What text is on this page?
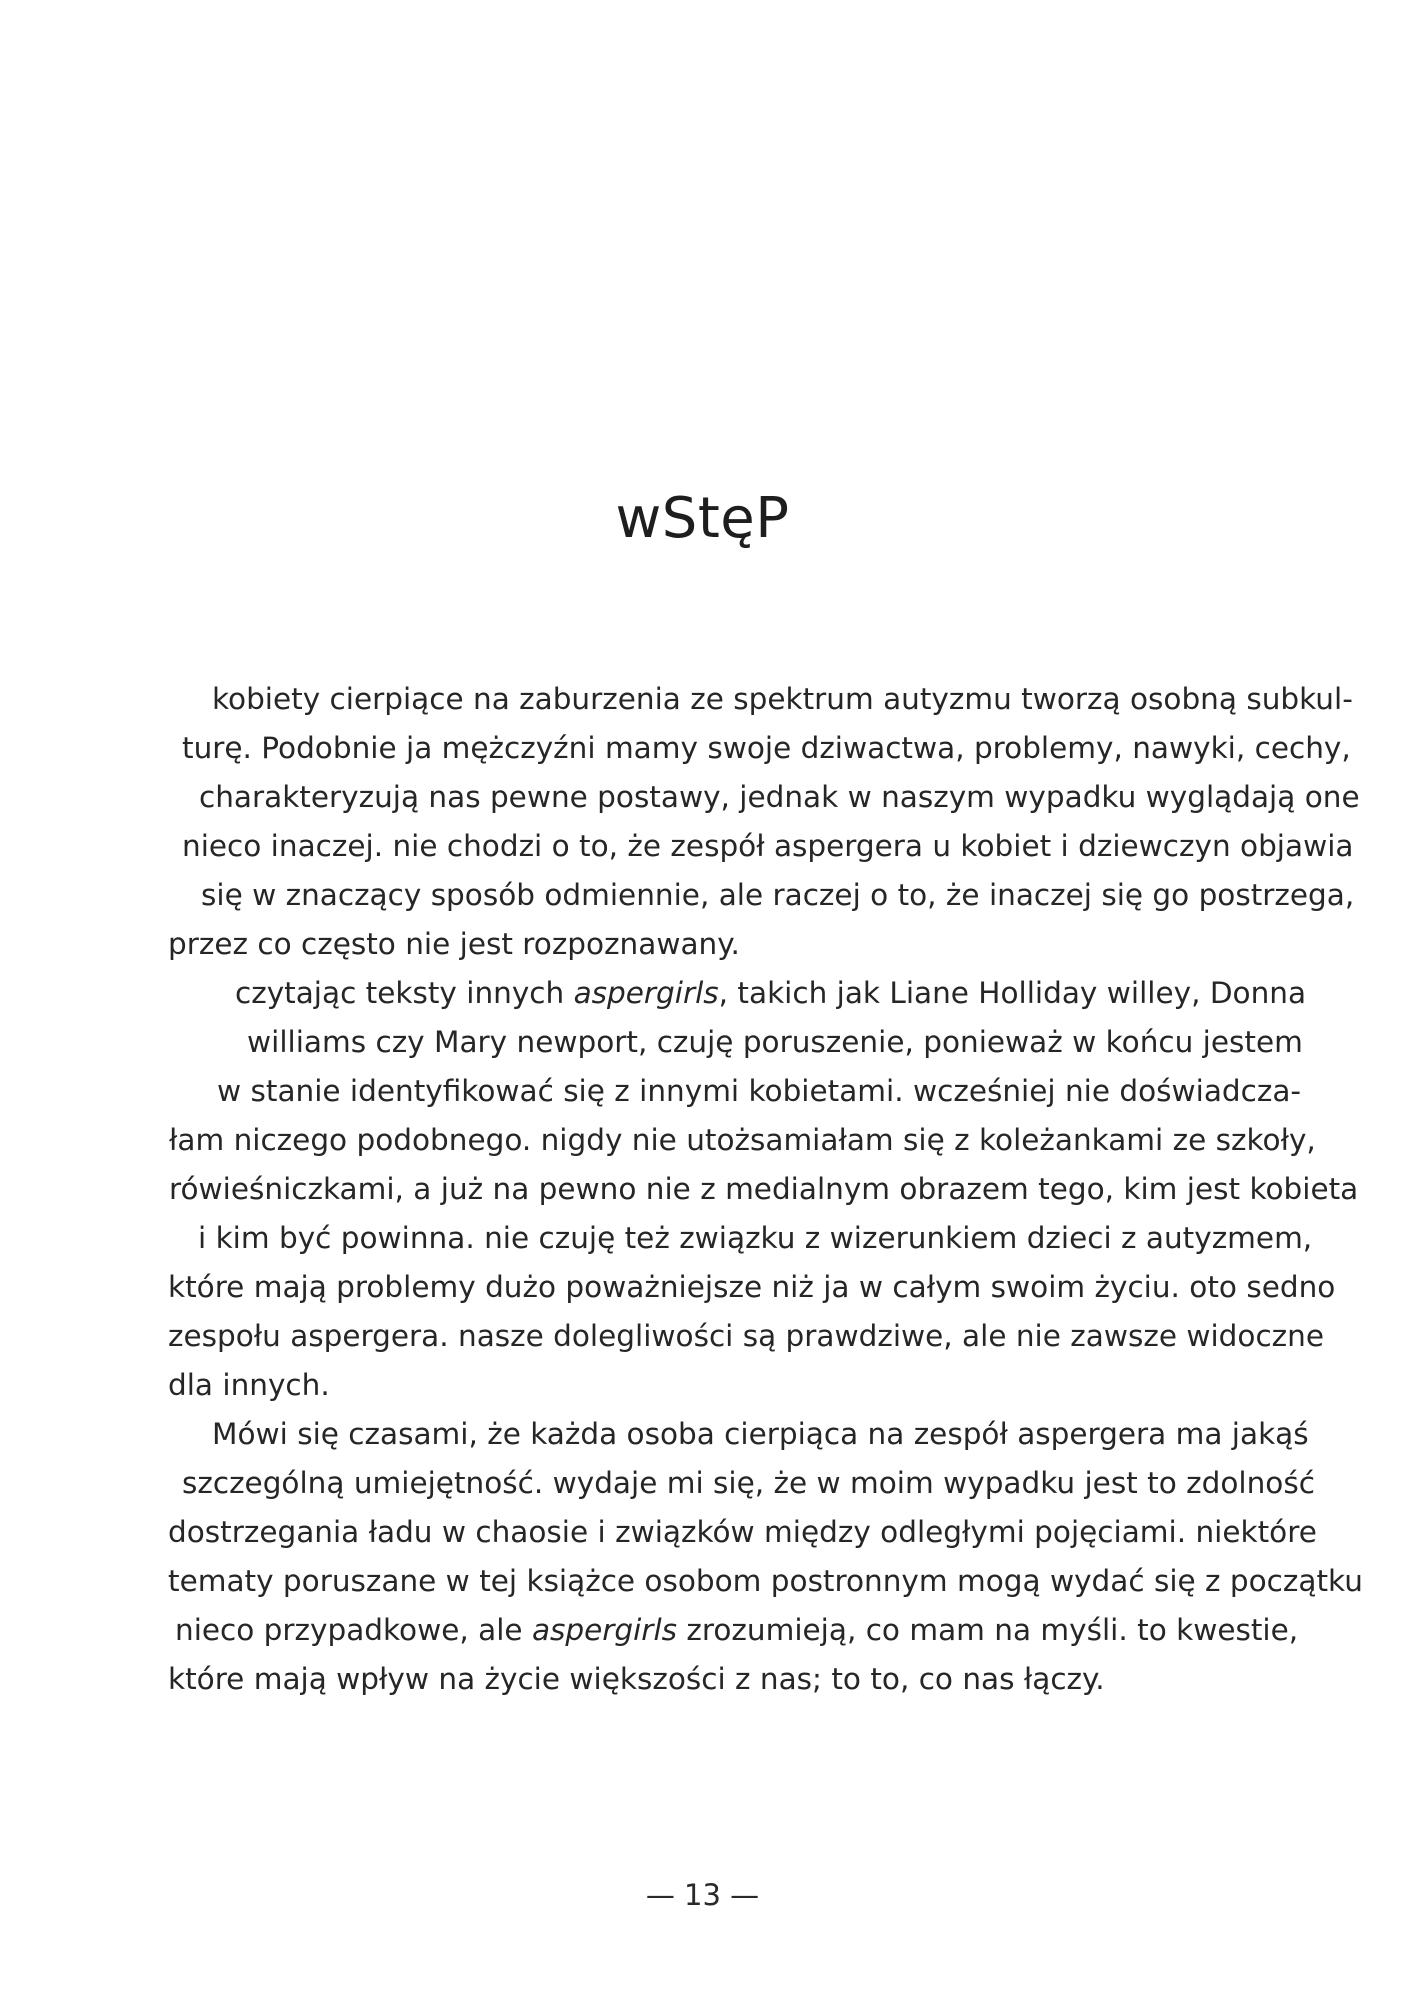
wStęP
kobiety cierpiące na zaburzenia ze spektrum autyzmu tworzą osobną subkul-
turę. Podobnie ja mężczyźni mamy swoje dziwactwa, problemy, nawyki, cechy,
charakteryzują nas pewne postawy, jednak w naszym wypadku wyglądają one
nieco inaczej. nie chodzi o to, że zespół aspergera u kobiet i dziewczyn objawia
się w znaczący sposób odmiennie, ale raczej o to, że inaczej się go postrzega,
przez co często nie jest rozpoznawany.
czytając teksty innych aspergirls, takich jak Liane Holliday willey, Donna
williams czy Mary newport, czuję poruszenie, ponieważ w końcu jestem
w stanie identyfikować się z innymi kobietami. wcześniej nie doświadcza-
łam niczego podobnego. nigdy nie utożsamiałam się z koleżankami ze szkoły,
rówieśniczkami, a już na pewno nie z medialnym obrazem tego, kim jest kobieta
i kim być powinna. nie czuję też związku z wizerunkiem dzieci z autyzmem,
które mają problemy dużo poważniejsze niż ja w całym swoim życiu. oto sedno
zespołu aspergera. nasze dolegliwości są prawdziwe, ale nie zawsze widoczne
dla innych.
Mówi się czasami, że każda osoba cierpiąca na zespół aspergera ma jakąś
szczególną umiejętność. wydaje mi się, że w moim wypadku jest to zdolność
dostrzegania ładu w chaosie i związków między odległymi pojęciami. niektóre
tematy poruszane w tej książce osobom postronnym mogą wydać się z początku
nieco przypadkowe, ale aspergirls zrozumieją, co mam na myśli. to kwestie,
które mają wpływ na życie większości z nas; to to, co nas łączy.
— 13 —
